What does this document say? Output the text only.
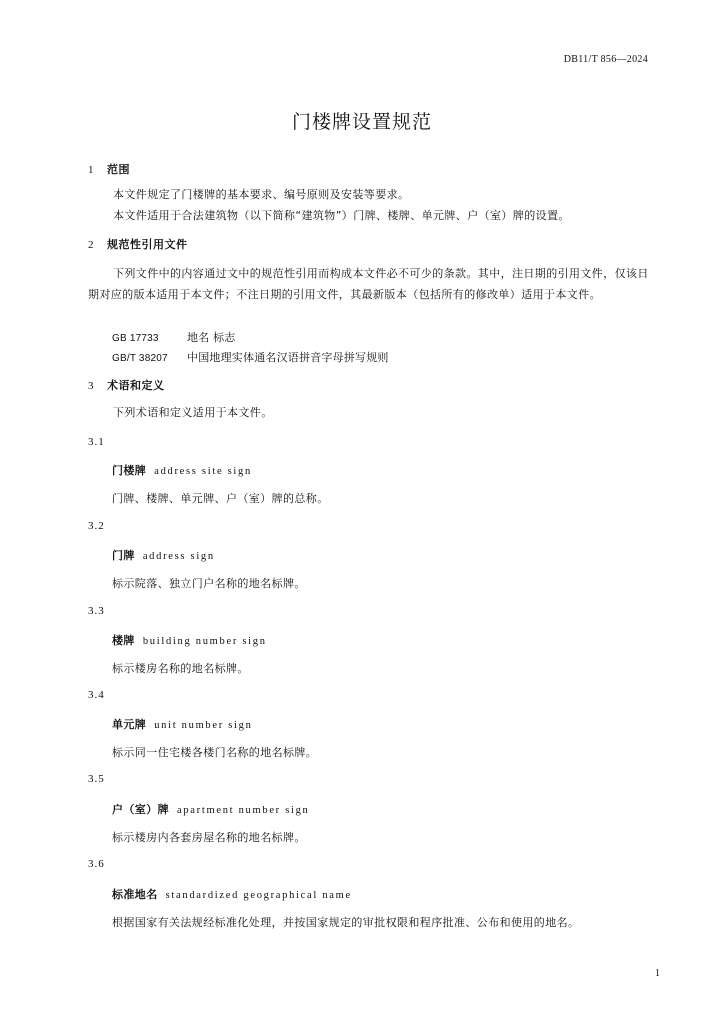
DB11/T 856—2024
门楼牌设置规范
1 范围
本文件规定了门楼牌的基本要求、编号原则及安装等要求。
本文件适用于合法建筑物（以下简称“建筑物”）门牌、楼牌、单元牌、户（室）牌的设置。
2 规范性引用文件
下列文件中的内容通过文中的规范性引用而构成本文件必不可少的条款。其中，注日期的引用文件，仅该日期对应的版本适用于本文件；不注日期的引用文件，其最新版本（包括所有的修改单）适用于本文件。
GB 17733	地名 标志
GB/T 38207 中国地理实体通名汉语拼音字母拼写规则
3 术语和定义
下列术语和定义适用于本文件。
3.1
门楼牌 address site sign
门牌、楼牌、单元牌、户（室）牌的总称。
3.2
门牌 address sign
标示院落、独立门户名称的地名标牌。
3.3
楼牌 building number sign
标示楼房名称的地名标牌。
3.4
单元牌 unit number sign
标示同一住宅楼各楼门名称的地名标牌。
3.5
户（室）牌 apartment number sign
标示楼房内各套房屋名称的地名标牌。
3.6
标准地名 standardized geographical name
根据国家有关法规经标准化处理，并按国家规定的审批权限和程序批准、公布和使用的地名。
1
